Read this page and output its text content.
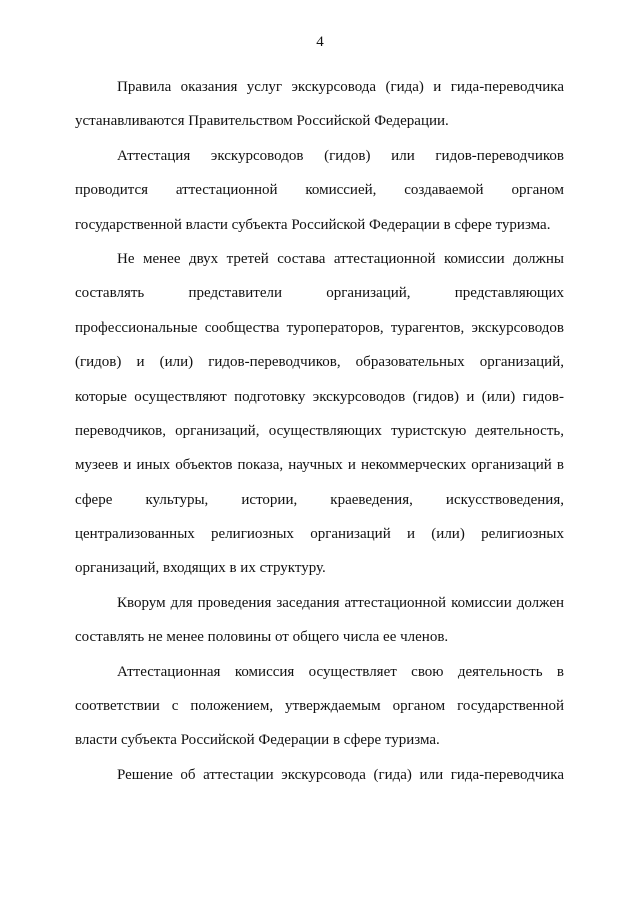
4
Правила оказания услуг экскурсовода (гида) и гида-переводчика
устанавливаются Правительством Российской Федерации.
Аттестация экскурсоводов (гидов) или гидов-переводчиков
проводится аттестационной комиссией, создаваемой органом
государственной власти субъекта Российской Федерации в сфере туризма.
Не менее двух третей состава аттестационной комиссии должны
составлять представители организаций, представляющих
профессиональные сообщества туроператоров, турагентов, экскурсоводов
(гидов) и (или) гидов-переводчиков, образовательных организаций,
которые осуществляют подготовку экскурсоводов (гидов) и (или) гидов-
переводчиков, организаций, осуществляющих туристскую деятельность,
музеев и иных объектов показа, научных и некоммерческих организаций в
сфере культуры, истории, краеведения, искусствоведения,
централизованных религиозных организаций и (или) религиозных
организаций, входящих в их структуру.
Кворум для проведения заседания аттестационной комиссии должен
составлять не менее половины от общего числа ее членов.
Аттестационная комиссия осуществляет свою деятельность в
соответствии с положением, утверждаемым органом государственной
власти субъекта Российской Федерации в сфере туризма.
Решение об аттестации экскурсовода (гида) или гида-переводчика
